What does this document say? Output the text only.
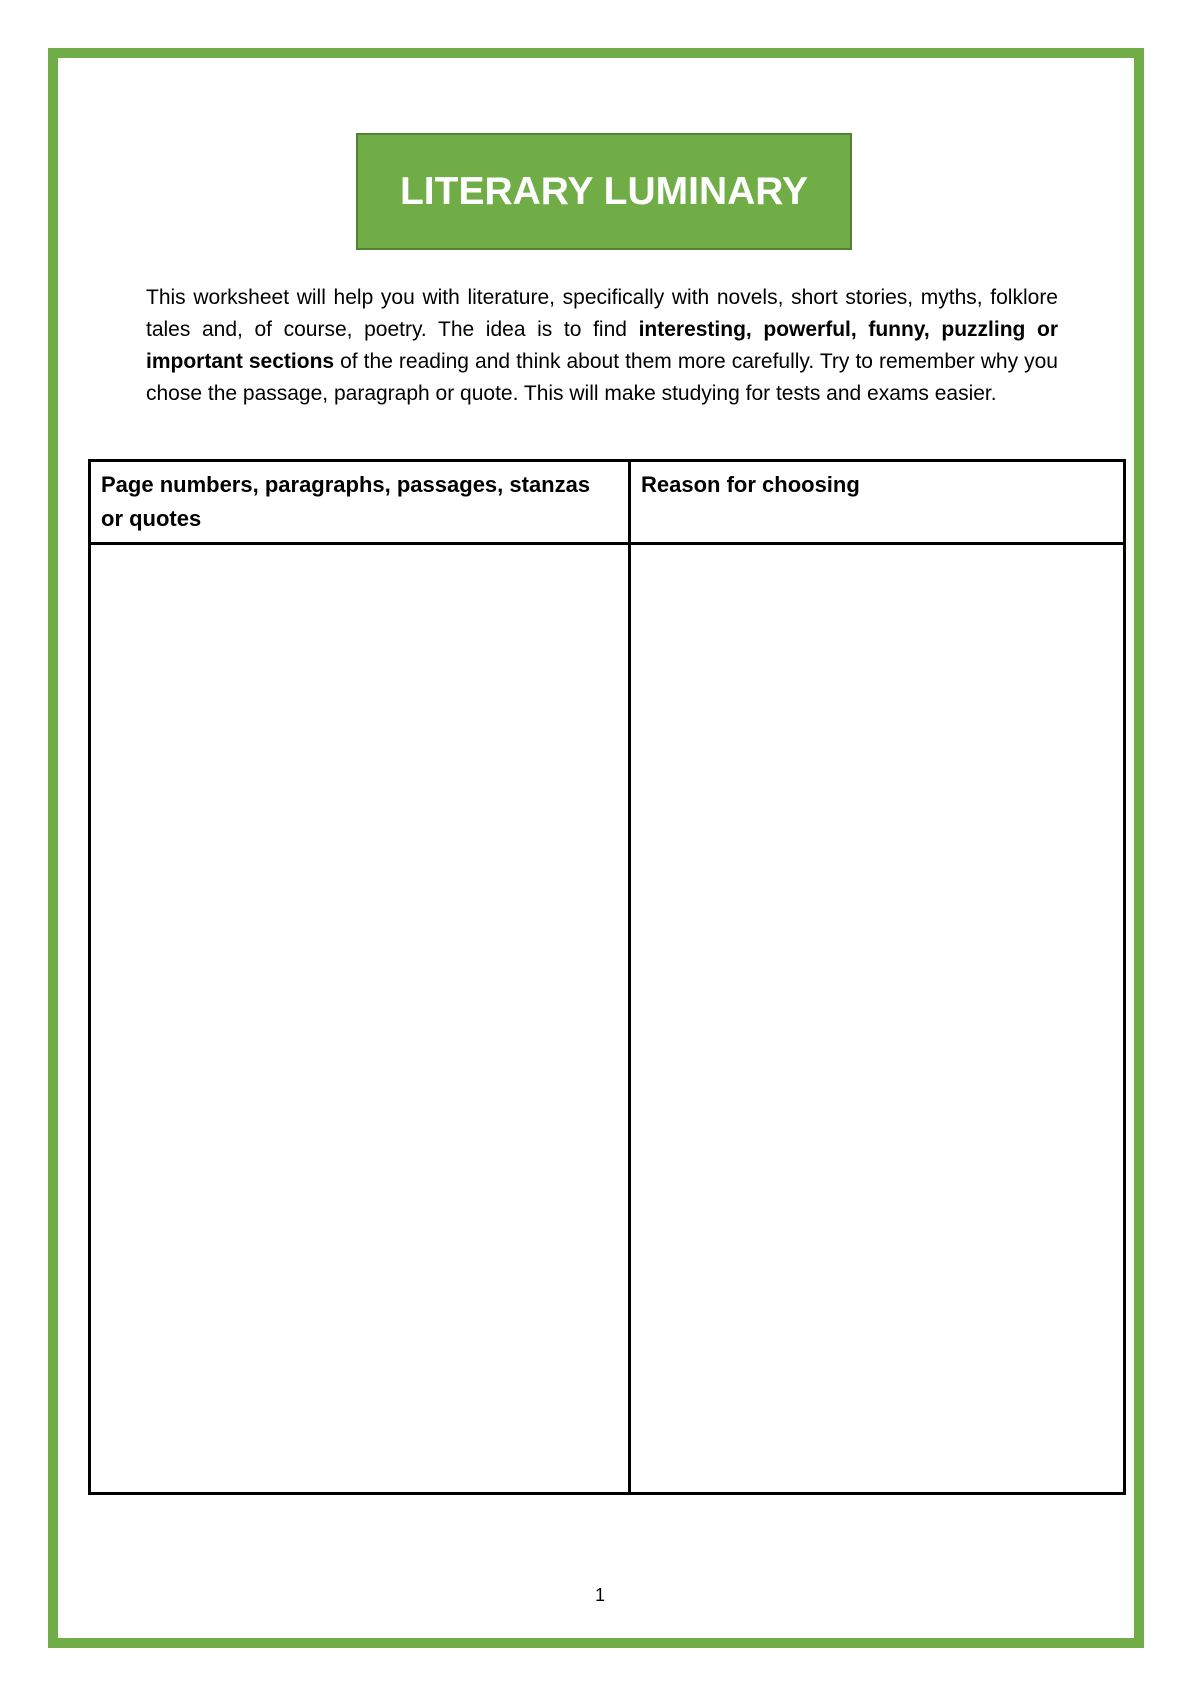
LITERARY LUMINARY

This worksheet will help you with literature, specifically with novels, short stories, myths, folklore tales and, of course, poetry. The idea is to find interesting, powerful, funny, puzzling or important sections of the reading and think about them more carefully. Try to remember why you chose the passage, paragraph or quote. This will make studying for tests and exams easier.

Page numbers, paragraphs, passages, stanzas or quotes	Reason for choosing

1
